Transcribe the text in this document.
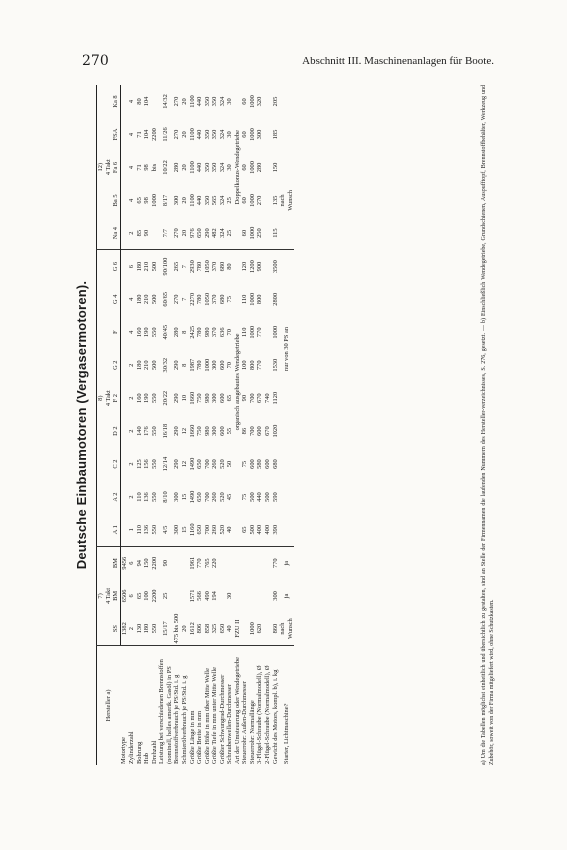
270	Abschnitt III. Maschinenanlagen für Boote.
Deutsche Einbaumotoren (Vergasermotoren).
Hersteller a)	7)			8)									12)				
	4 Takt			4 Takt									4 Takt				
	SS	BM	BM	A 1	A 2	C 2	D 2	F 2	G 2	F	G 4	G 6	Na 4	Ba 5	Fa 6	FSA	Ka 8
Motortype	1382	6506	9456														
Zylinderzahl	2	6	6	1	2	2	2	2	2	4	4	6	2	4	4	4	4
Bohrung	130	65	94	110	110	125	140	160	180	160	180	180	85	65	71	71	80
Hub	180	100	150	136	136	156	176	190	210	190	210	210	90	98	98	104	104
Drehzahl	550	2200	2200	550	550	550	550	550	500	550	500	500		1000	bis	2200	
Leistung bei verschiedenen Brennstoffen (nominell, helles amerik. Gasöl) in PS	15/17	25	90	4/5	8/10	12/14	16/18	20/22	30/32	40/45	60/65	90/100	7/7	8/17	10/22	11/26	14/32
Brennstoffverbrauch je PS/Std. i. g	475 bis 500			300	300	290	290	290	290	280	270	265	270	300	280	270	270
Schmierölverbrauch je PS/Std. i. g	20			15	15	12	12	10	8	8	7	7	20	20	20	20	20
Größte Länge in mm	1612	1571	1961	1160	1490	1490	1660	1660	1987	2425	2270	2930	976	1100	1100	1100	1100
Größte Breite in mm	806	566	770	650	650	650	750	750	780	780	780	780	650	440	440	440	440
Größte Höhe in mm über Mitte Welle	858	490	765	700	700	700	980	980	1000	980	1050	1050	290	350	350	350	350
Größte Tiefe in mm unter Mitte Welle	325	194	220	260	260	260	300	300	300	370	370	370	482	565	350	350	350
Größter Schwungrad-Durchmesser	650			520	520	520	600	600	600	636	680	680	324	324	324	324	324
Schraubenwellen-Durchmesser	40	30		40	45	50	55	65	70	70	75	80	25	25	30	30	30
Art der Umsteuerung oder Wendegetriebe	FZU II				organisch ausgebautes Wendegetriebe								Doppelkonus-Wendegetriebe				
Steuerrohr: Außen-Durchmesser				65	75	75	86	90	100	110	110	120	60	60	60	60	60
Steuerrohr: Normallänge	1000			500	500	600	700	700	800	1000	1000	1200	1000	1000	1000	1000	1000
3-Flügel-Schraube (Normalmodell), Ø	620			400	440	580	600	670	770	770	800	900	250	270	280	300	320
2-Flügel-Schraube (Normalmodell), Ø				400	500	600	670	740									
Gewicht des Motors, kompl. b), i. kg	860	300	770	390	590	680	1020	1120	1530	1000	2800	3500	115	135	150	185	205
Starter, Lichtmaschine?	nach Wunsch	ja	ja				nur von 30 PS an							nach Wunsch				a) Um die Tabellen möglichst einheitlich und übersichtlich zu gestalten, sind an Stelle der Firmennamen die laufenden Nummern des Hersteller-verzeichnisses, S. 276, gesetzt. — b) Einschließlich Wendegetriebe, Grundschienen, Auspufftopf, Brennstoffbehälter, Werkzeug und Zubehör, soweit von der Firma mitgeliefert wird, ohne Schutzkasten.
